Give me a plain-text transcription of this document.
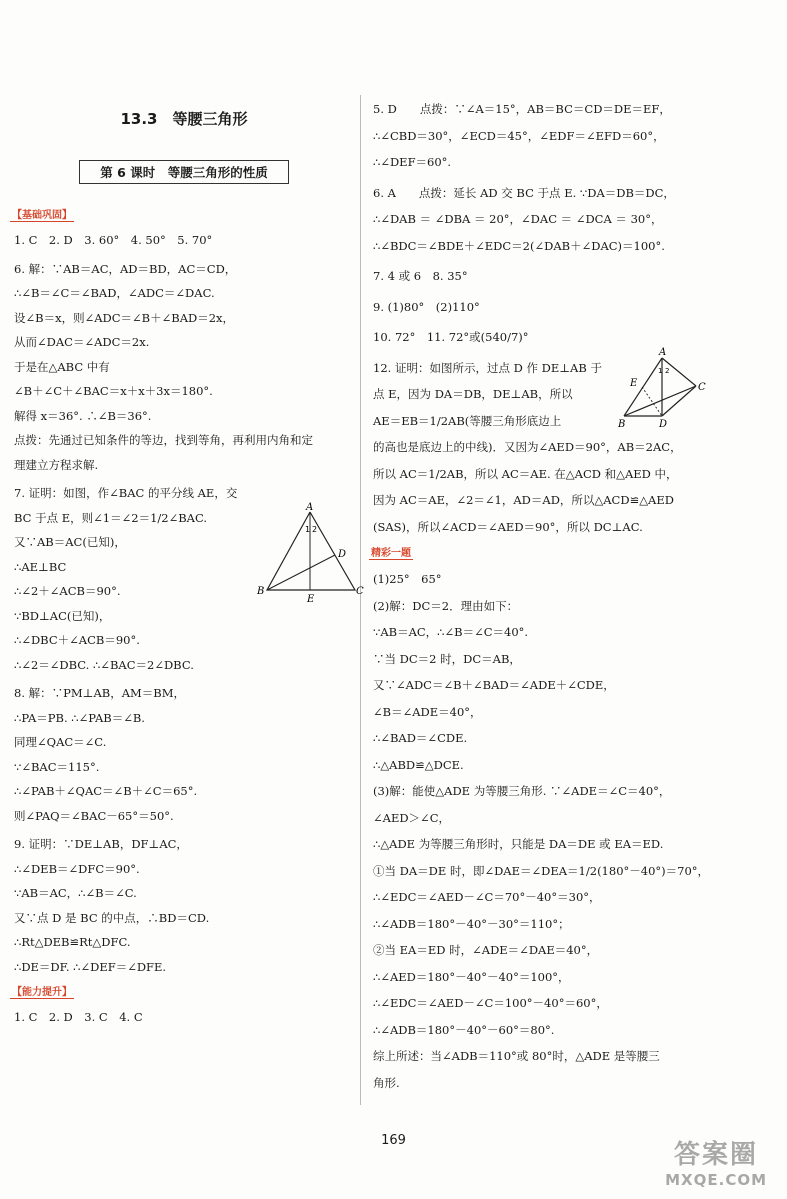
13.3　等腰三角形
第 6 课时　等腰三角形的性质
【基础巩固】
1. C　2. D　3. 60°　4. 50°　5. 70°
6. 解：∵AB＝AC，AD＝BD，AC＝CD，
∴∠B＝∠C＝∠BAD，∠ADC＝∠DAC.
设∠B＝x，则∠ADC＝∠B＋∠BAD＝2x，
从而∠DAC＝∠ADC＝2x.
于是在△ABC 中有
∠B＋∠C＋∠BAC＝x＋x＋3x＝180°.
解得 x＝36°. ∴∠B＝36°.
点拨：先通过已知条件的等边，找到等角，再利用内角和定
理建立方程求解.
7. 证明：如图，作∠BAC 的平分线 AE，交
BC 于点 E，则∠1＝∠2＝1/2∠BAC.
又∵AB＝AC(已知)，
∴AE⊥BC
∴∠2＋∠ACB＝90°.
∵BD⊥AC(已知)，
∴∠DBC＋∠ACB＝90°.
∴∠2＝∠DBC. ∴∠BAC＝2∠DBC.
8. 解：∵PM⊥AB，AM＝BM，
∴PA＝PB. ∴∠PAB＝∠B.
同理∠QAC＝∠C.
∵∠BAC＝115°.
∴∠PAB＋∠QAC＝∠B＋∠C＝65°.
则∠PAQ＝∠BAC－65°＝50°.
9. 证明：∵DE⊥AB，DF⊥AC，
∴∠DEB＝∠DFC＝90°.
∵AB＝AC，∴∠B＝∠C.
又∵点 D 是 BC 的中点，∴BD＝CD.
∴Rt△DEB≌Rt△DFC.
∴DE＝DF. ∴∠DEF＝∠DFE.
【能力提升】
1. C　2. D　3. C　4. C
5. D　　点拨：∵∠A＝15°，AB＝BC＝CD＝DE＝EF，
∴∠CBD＝30°，∠ECD＝45°，∠EDF＝∠EFD＝60°，
∴∠DEF＝60°.
6. A　　点拨：延长 AD 交 BC 于点 E. ∵DA＝DB＝DC，
∴∠DAB ＝ ∠DBA ＝ 20°，∠DAC ＝ ∠DCA ＝ 30°，
∴∠BDC＝∠BDE＋∠EDC＝2(∠DAB＋∠DAC)＝100°.
7. 4 或 6　8. 35°
9. (1)80°　(2)110°
10. 72°　11. 72°或(540/7)°
12. 证明：如图所示，过点 D 作 DE⊥AB 于
点 E，因为 DA＝DB，DE⊥AB，所以
AE＝EB＝1/2AB(等腰三角形底边上
的高也是底边上的中线)．又因为∠AED＝90°，AB＝2AC，
所以 AC＝1/2AB，所以 AC＝AE. 在△ACD 和△AED 中，
因为 AC＝AE，∠2＝∠1，AD＝AD，所以△ACD≌△AED
(SAS)，所以∠ACD＝∠AED＝90°，所以 DC⊥AC.
精彩一题
(1)25°　65°
(2)解：DC＝2．理由如下：
∵AB＝AC，∴∠B＝∠C＝40°.
∵当 DC＝2 时，DC＝AB，
又∵∠ADC＝∠B＋∠BAD＝∠ADE＋∠CDE，
∠B＝∠ADE＝40°，
∴∠BAD＝∠CDE.
∴△ABD≌△DCE.
(3)解：能使△ADE 为等腰三角形. ∵∠ADE＝∠C＝40°，
∠AED＞∠C，
∴△ADE 为等腰三角形时，只能是 DA＝DE 或 EA＝ED.
①当 DA＝DE 时，即∠DAE＝∠DEA＝1/2(180°－40°)＝70°，
∴∠EDC＝∠AED－∠C＝70°－40°＝30°，
∴∠ADB＝180°－40°－30°＝110°；
②当 EA＝ED 时，∠ADE＝∠DAE＝40°，
∴∠AED＝180°－40°－40°＝100°，
∴∠EDC＝∠AED－∠C＝100°－40°＝60°，
∴∠ADB＝180°－40°－60°＝80°.
综上所述：当∠ADB＝110°或 80°时，△ADE 是等腰三
角形.
A
B	C
D
E
1 2
A
B
C
D
E
1 2
169	答案圈
MXQE.COM
